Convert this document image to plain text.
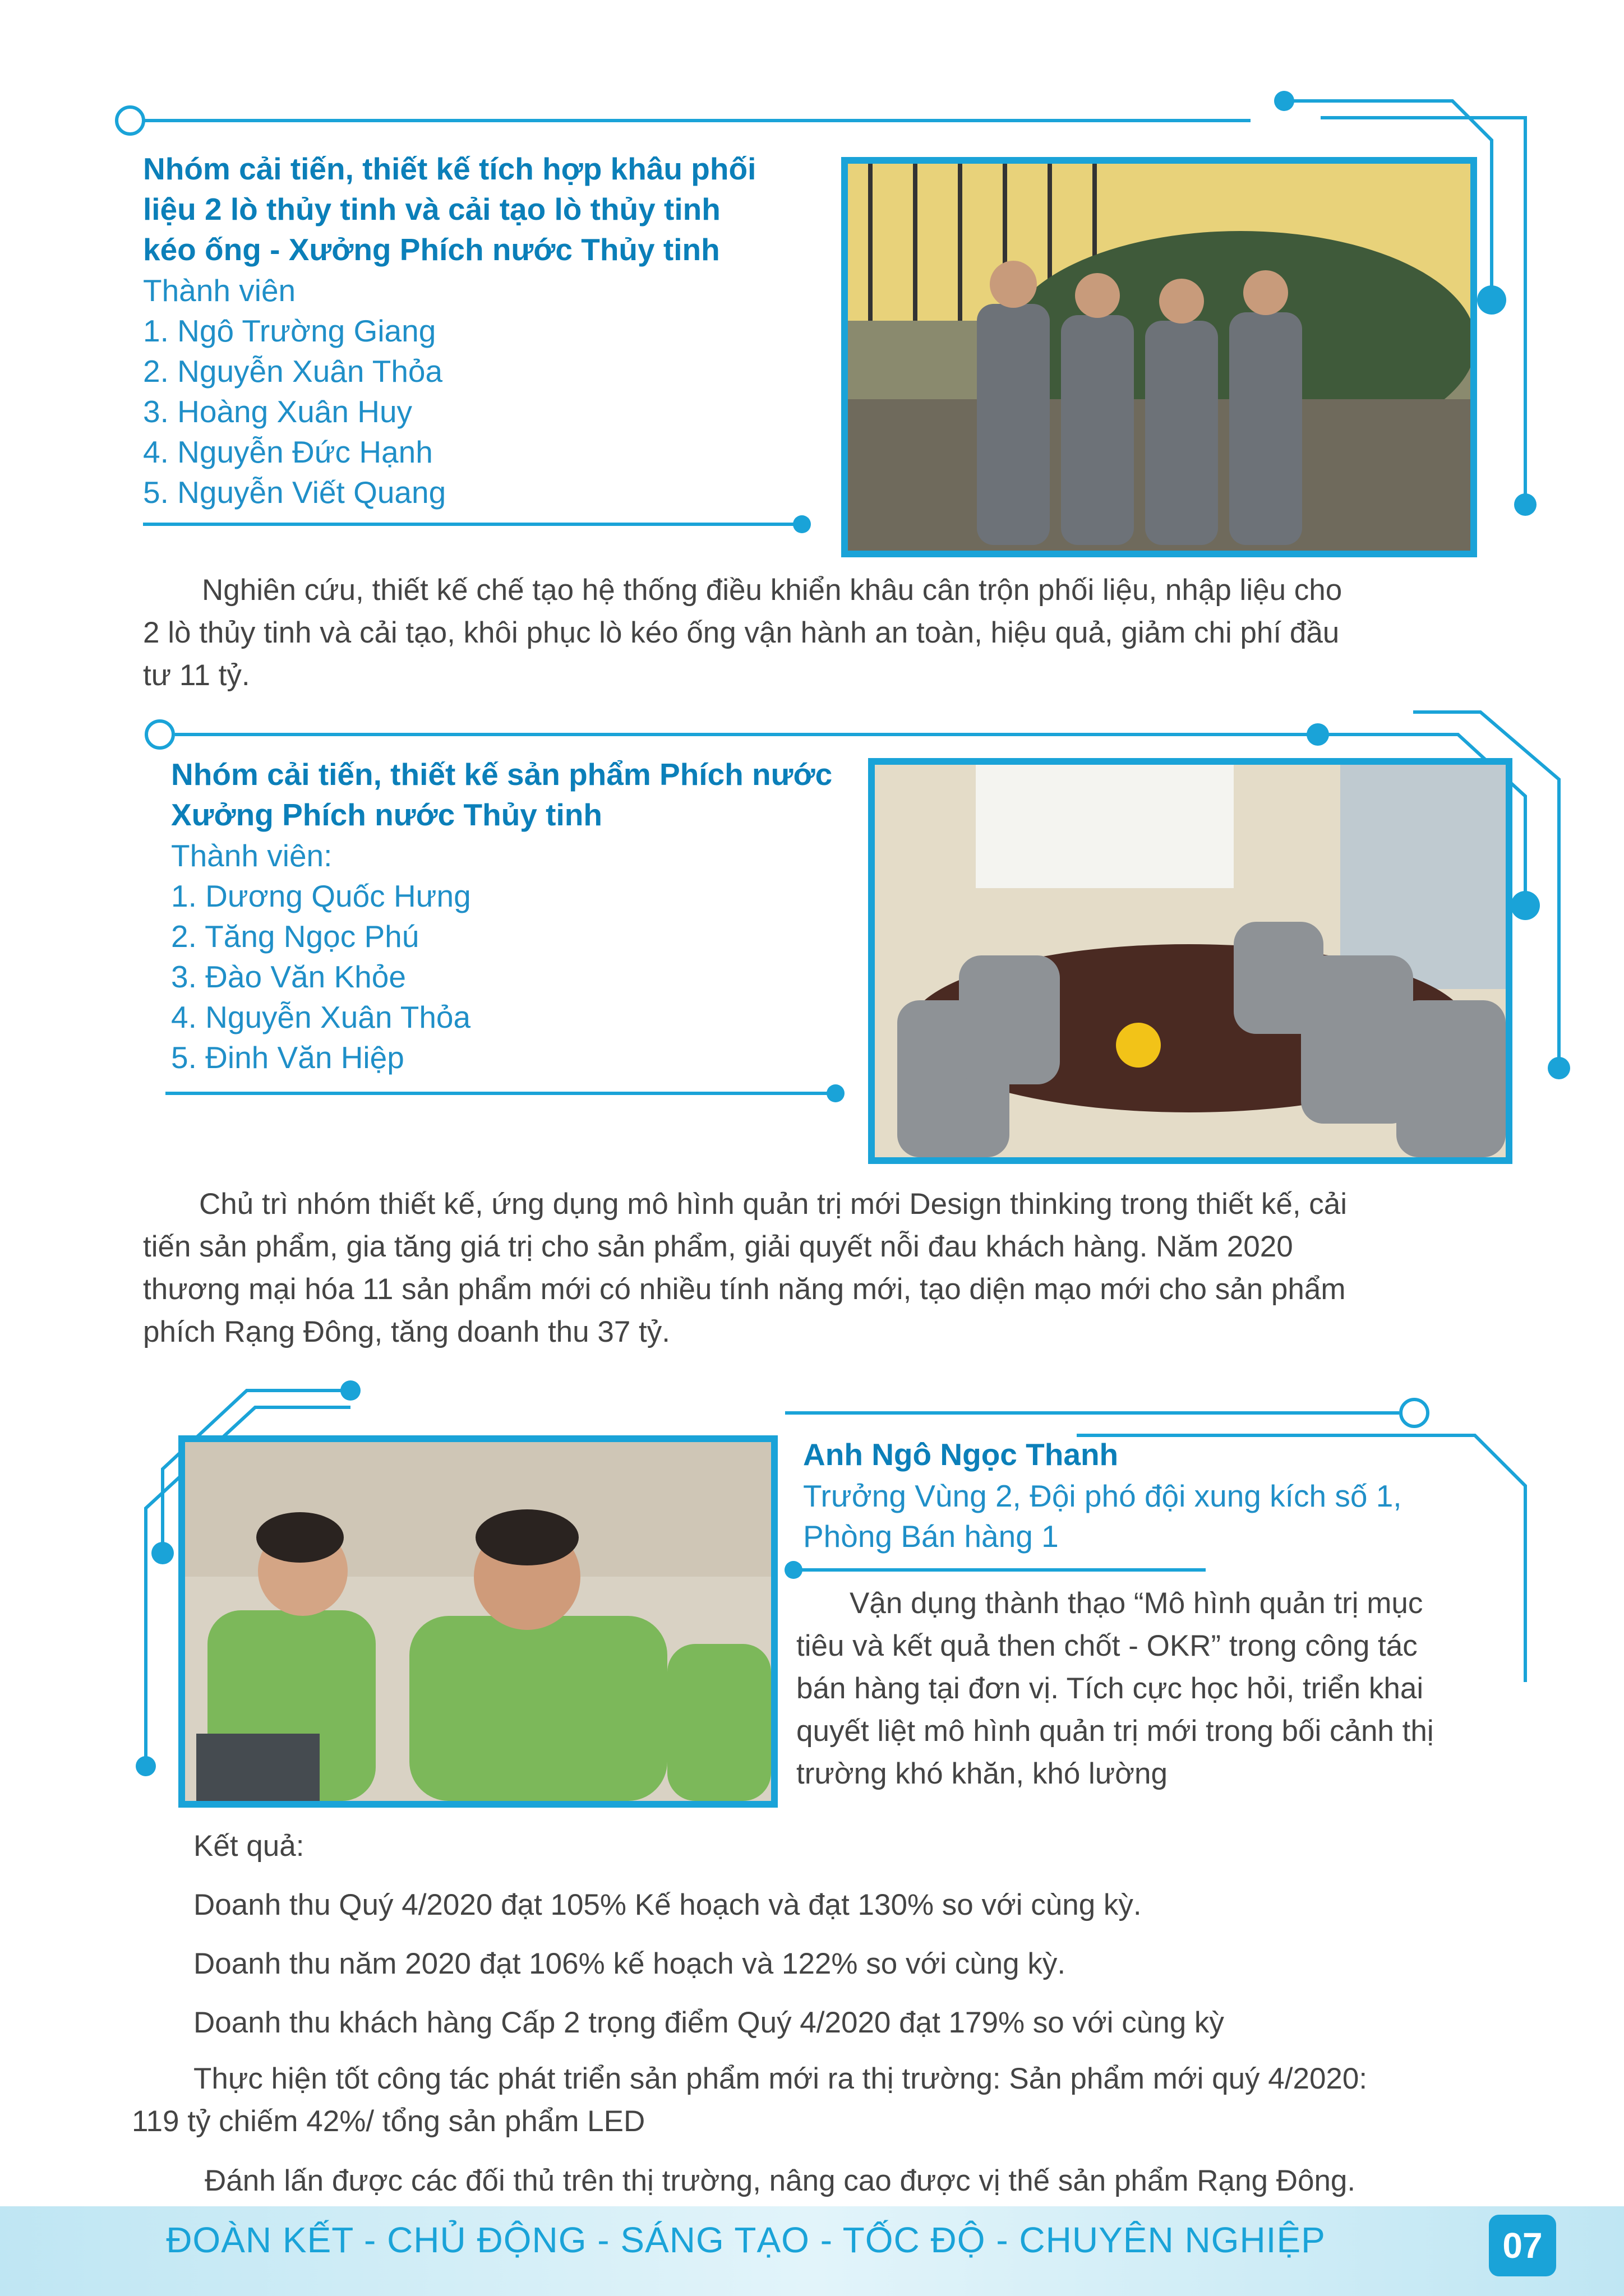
Nhóm cải tiến, thiết kế tích hợp khâu phối
liệu 2 lò thủy tinh và cải tạo lò thủy tinh
kéo ống - Xưởng Phích nước Thủy tinh
Thành viên
1. Ngô Trường Giang
2. Nguyễn Xuân Thỏa
3. Hoàng Xuân Huy
4. Nguyễn Đức Hạnh
5. Nguyễn Viết Quang
Nghiên cứu, thiết kế chế tạo hệ thống điều khiển khâu cân trộn phối liệu, nhập liệu cho
2 lò thủy tinh và cải tạo, khôi phục lò kéo ống vận hành an toàn, hiệu quả, giảm chi phí đầu
tư 11 tỷ.
Nhóm cải tiến, thiết kế sản phẩm Phích nước
Xưởng Phích nước Thủy tinh
Thành viên:
1. Dương Quốc Hưng
2. Tăng Ngọc Phú
3. Đào Văn Khỏe
4. Nguyễn Xuân Thỏa
5. Đinh Văn Hiệp
Chủ trì nhóm thiết kế, ứng dụng mô hình quản trị mới Design thinking trong thiết kế, cải
tiến sản phẩm, gia tăng giá trị cho sản phẩm, giải quyết nỗi đau khách hàng. Năm 2020
thương mại hóa 11 sản phẩm mới có nhiều tính năng mới, tạo diện mạo mới cho sản phẩm
phích Rạng Đông, tăng doanh thu 37 tỷ.
Anh Ngô Ngọc Thanh
Trưởng Vùng 2, Đội phó đội xung kích số 1,
Phòng Bán hàng 1
Vận dụng thành thạo “Mô hình quản trị mục
tiêu và kết quả then chốt - OKR” trong công tác
bán hàng tại đơn vị. Tích cực học hỏi, triển khai
quyết liệt mô hình quản trị mới trong bối cảnh thị
trường khó khăn, khó lường
Kết quả:
Doanh thu Quý 4/2020 đạt 105% Kế hoạch và đạt 130% so với cùng kỳ.
Doanh thu năm 2020 đạt 106% kế hoạch và 122% so với cùng kỳ.
Doanh thu khách hàng Cấp 2 trọng điểm Quý 4/2020 đạt 179% so với cùng kỳ
Thực hiện tốt công tác phát triển sản phẩm mới ra thị trường: Sản phẩm mới quý 4/2020:
119 tỷ chiếm 42%/ tổng sản phẩm LED
Đánh lấn được các đối thủ trên thị trường, nâng cao được vị thế sản phẩm Rạng Đông.
ĐOÀN KẾT - CHỦ ĐỘNG - SÁNG TẠO - TỐC ĐỘ - CHUYÊN NGHIỆP	07
